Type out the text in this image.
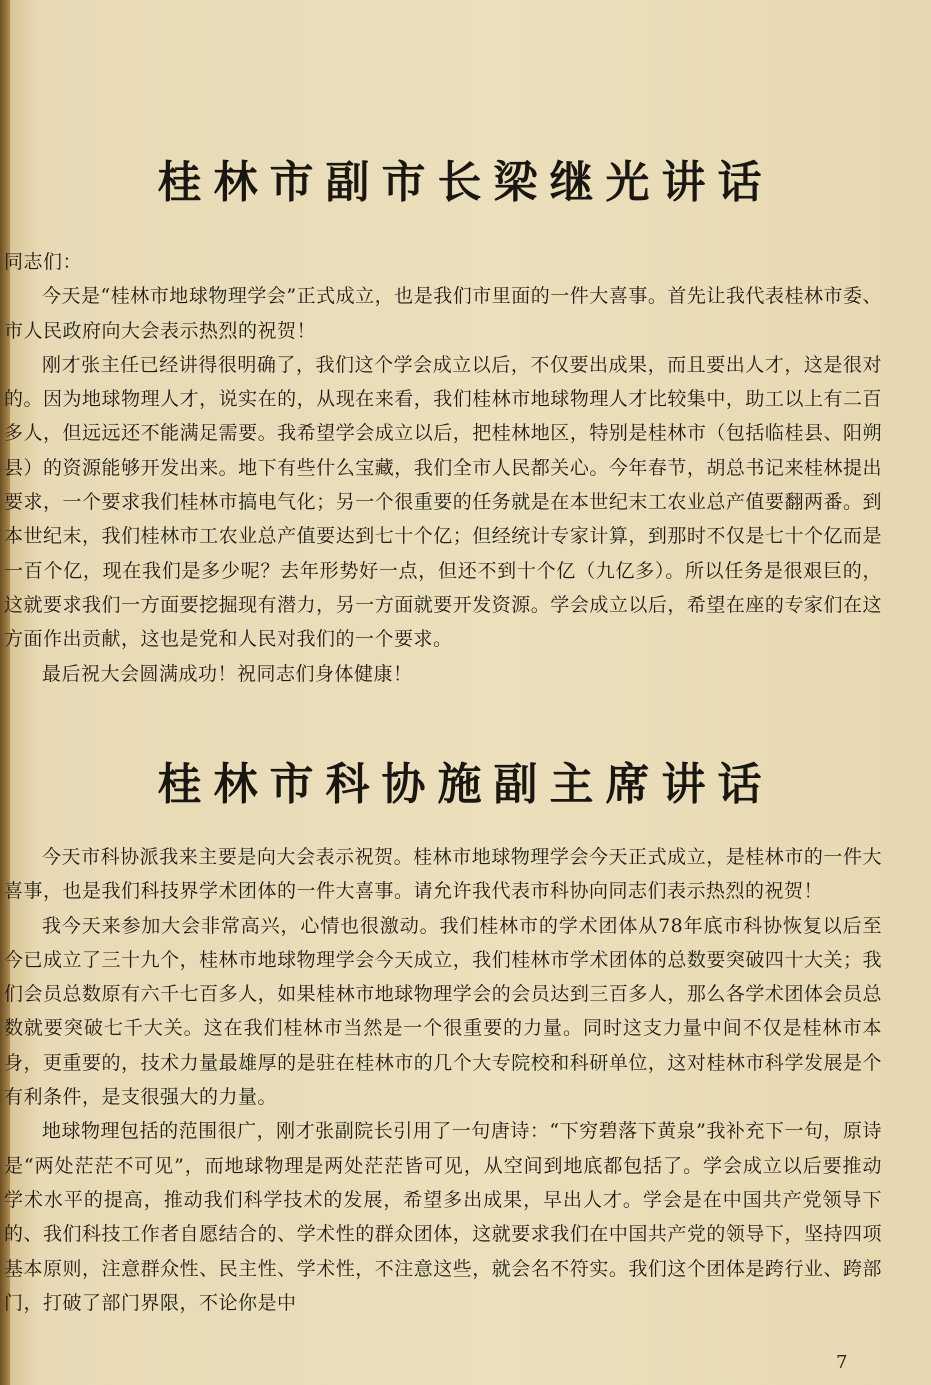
桂林市副市长梁继光讲话

同志们：

今天是“桂林市地球物理学会”正式成立，也是我们市里面的一件大喜事。首先让我代表桂林市委、市人民政府向大会表示热烈的祝贺！

刚才张主任已经讲得很明确了，我们这个学会成立以后，不仅要出成果，而且要出人才，这是很对的。因为地球物理人才，说实在的，从现在来看，我们桂林市地球物理人才比较集中，助工以上有二百多人，但远远还不能满足需要。我希望学会成立以后，把桂林地区，特别是桂林市（包括临桂县、阳朔县）的资源能够开发出来。地下有些什么宝藏，我们全市人民都关心。今年春节，胡总书记来桂林提出要求，一个要求我们桂林市搞电气化；另一个很重要的任务就是在本世纪末工农业总产值要翻两番。到本世纪末，我们桂林市工农业总产值要达到七十个亿；但经统计专家计算，到那时不仅是七十个亿而是一百个亿，现在我们是多少呢？去年形势好一点，但还不到十个亿（九亿多）。所以任务是很艰巨的，这就要求我们一方面要挖掘现有潜力，另一方面就要开发资源。学会成立以后，希望在座的专家们在这方面作出贡献，这也是党和人民对我们的一个要求。

最后祝大会圆满成功！祝同志们身体健康！

桂林市科协施副主席讲话

今天市科协派我来主要是向大会表示祝贺。桂林市地球物理学会今天正式成立，是桂林市的一件大喜事，也是我们科技界学术团体的一件大喜事。请允许我代表市科协向同志们表示热烈的祝贺！

我今天来参加大会非常高兴，心情也很激动。我们桂林市的学术团体从78年底市科协恢复以后至今已成立了三十九个，桂林市地球物理学会今天成立，我们桂林市学术团体的总数要突破四十大关；我们会员总数原有六千七百多人，如果桂林市地球物理学会的会员达到三百多人，那么各学术团体会员总数就要突破七千大关。这在我们桂林市当然是一个很重要的力量。同时这支力量中间不仅是桂林市本身，更重要的，技术力量最雄厚的是驻在桂林市的几个大专院校和科研单位，这对桂林市科学发展是个有利条件，是支很强大的力量。

地球物理包括的范围很广，刚才张副院长引用了一句唐诗：“下穷碧落下黄泉”我补充下一句，原诗是“两处茫茫不可见”，而地球物理是两处茫茫皆可见，从空间到地底都包括了。学会成立以后要推动学术水平的提高，推动我们科学技术的发展，希望多出成果，早出人才。学会是在中国共产党领导下的、我们科技工作者自愿结合的、学术性的群众团体，这就要求我们在中国共产党的领导下，坚持四项基本原则，注意群众性、民主性、学术性，不注意这些，就会名不符实。我们这个团体是跨行业、跨部门，打破了部门界限，不论你是中

7
